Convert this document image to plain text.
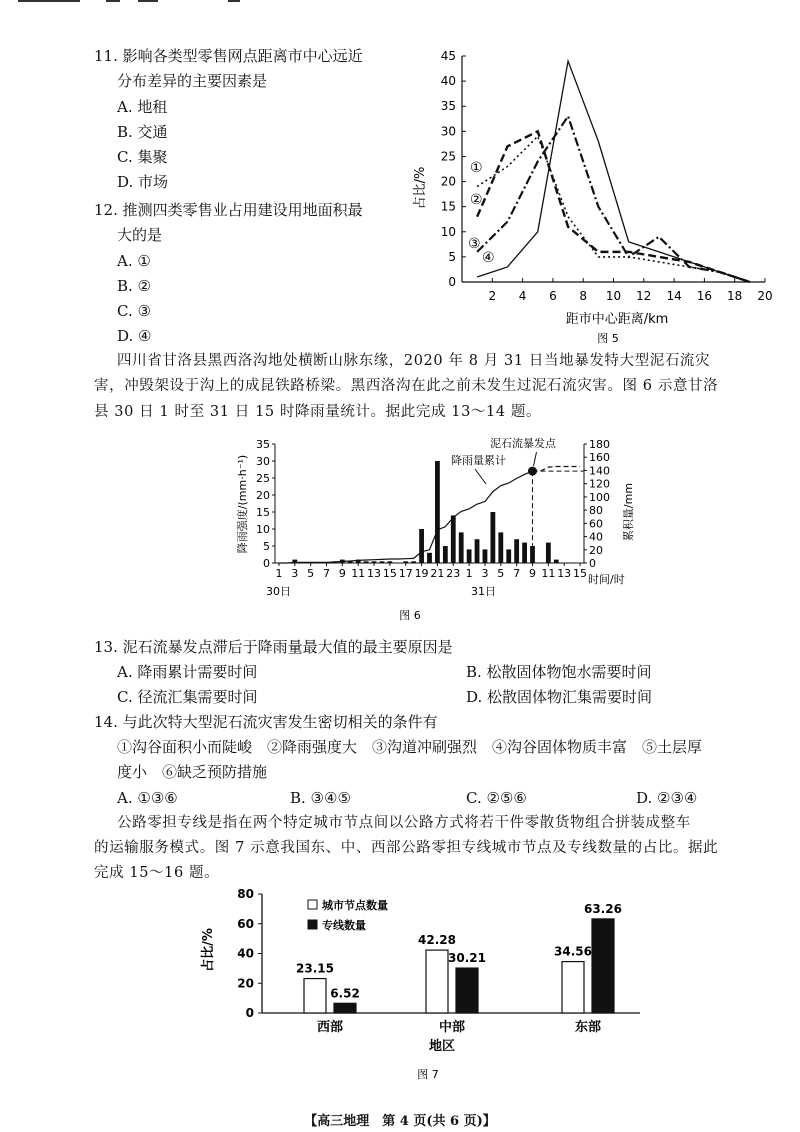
11. 影响各类型零售网点距离市中心远近
分布差异的主要因素是
A. 地租
B. 交通
C. 集聚
D. 市场
12. 推测四类零售业占用建设用地面积最
大的是
A. ①
B. ②
C. ③
D. ④
0
5
10
15
20
25
30
35
40
45
2 4 6 8 10 12 14 16 18 20
①
②
③
④
占比/%
距市中心距离/km
图 5
四川省甘洛县黑西洛沟地处横断山脉东缘，2020 年 8 月 31 日当地暴发特大型泥石流灾
害，冲毁架设于沟上的成昆铁路桥梁。黑西洛沟在此之前未发生过泥石流灾害。图 6 示意甘洛
县 30 日 1 时至 31 日 15 时降雨量统计。据此完成 13～14 题。
0
5
10
15
20
25
30
35
0
20
40
60
80
100
120
140
160
180
1 3 5 7 9 11 13 15 17 19 21 23 1 3 5 7 9 11 13 15
降雨强度/(mm·h⁻¹)	累积量/mm
时间/时
降雨量累计
泥石流暴发点
30日	31日
图 6
13. 泥石流暴发点滞后于降雨量最大值的最主要原因是
A. 降雨累计需要时间	B. 松散固体物饱水需要时间
C. 径流汇集需要时间	D. 松散固体物汇集需要时间
14. 与此次特大型泥石流灾害发生密切相关的条件有
①沟谷面积小而陡峻　②降雨强度大　③沟道冲刷强烈　④沟谷固体物质丰富　⑤土层厚
度小　⑥缺乏预防措施
A. ①③⑥	B. ③④⑤	C. ②⑤⑥	D. ②③④
公路零担专线是指在两个特定城市节点间以公路方式将若干件零散货物组合拼装成整车
的运输服务模式。图 7 示意我国东、中、西部公路零担专线城市节点及专线数量的占比。据此
完成 15～16 题。
0
20
40
60
80
西部
23.15
6.52
中部
42.28
30.21
东部
34.56
63.26
城市节点数量
专线数量
占比/%
地区
图 7
【高三地理　第 4 页(共 6 页)】
